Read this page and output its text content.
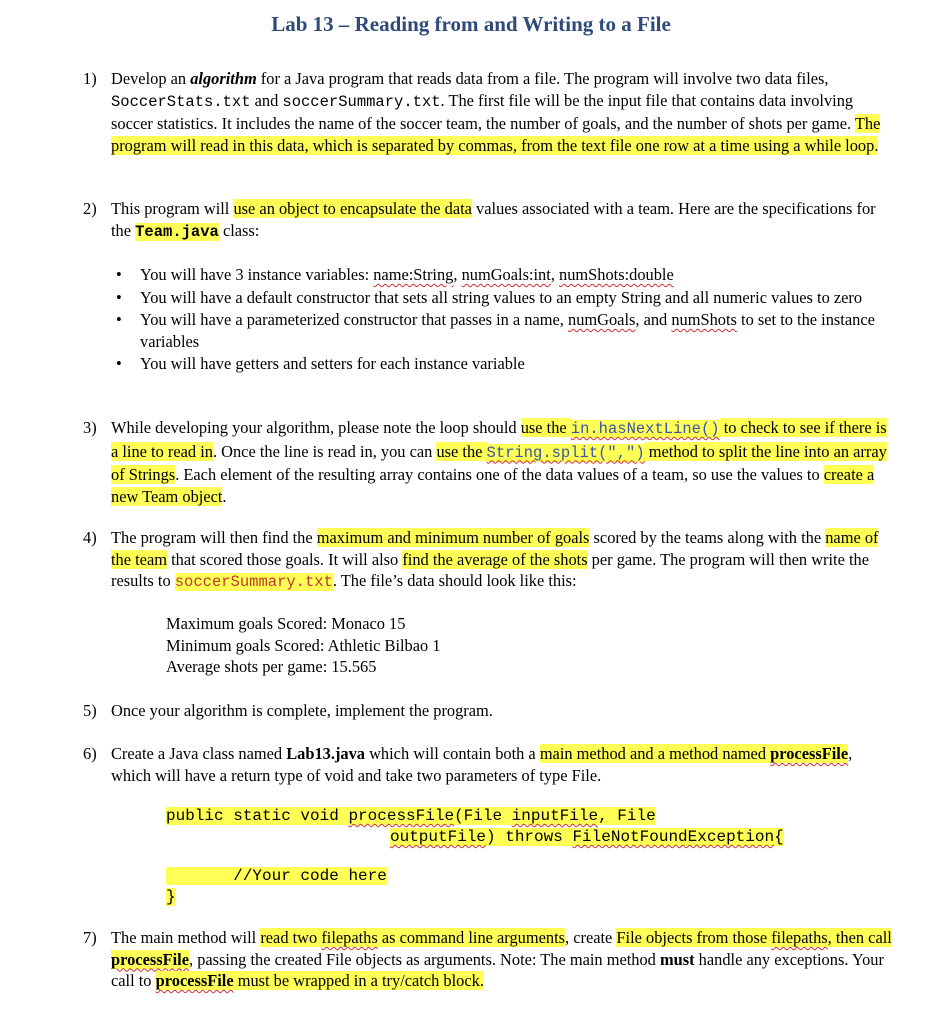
Lab 13 – Reading from and Writing to a File
1) Develop an algorithm for a Java program that reads data from a file. The program will involve two data files, SoccerStats.txt and soccerSummary.txt. The first file will be the input file that contains data involving soccer statistics. It includes the name of the soccer team, the number of goals, and the number of shots per game. The program will read in this data, which is separated by commas, from the text file one row at a time using a while loop.
2) This program will use an object to encapsulate the data values associated with a team. Here are the specifications for the Team.java class:
• You will have 3 instance variables: name:String, numGoals:int, numShots:double
• You will have a default constructor that sets all string values to an empty String and all numeric values to zero
• You will have a parameterized constructor that passes in a name, numGoals, and numShots to set to the instance variables
• You will have getters and setters for each instance variable
3) While developing your algorithm, please note the loop should use the in.hasNextLine() to check to see if there is a line to read in. Once the line is read in, you can use the String.split(",") method to split the line into an array of Strings. Each element of the resulting array contains one of the data values of a team, so use the values to create a new Team object.
4) The program will then find the maximum and minimum number of goals scored by the teams along with the name of the team that scored those goals. It will also find the average of the shots per game. The program will then write the results to soccerSummary.txt. The file’s data should look like this:
Maximum goals Scored: Monaco 15
Minimum goals Scored: Athletic Bilbao 1
Average shots per game: 15.565
5) Once your algorithm is complete, implement the program.
6) Create a Java class named Lab13.java which will contain both a main method and a method named processFile, which will have a return type of void and take two parameters of type File.
public static void processFile(File inputFile, File
outputFile) throws FileNotFoundException{
//Your code here
}
7) The main method will read two filepaths as command line arguments, create File objects from those filepaths, then call processFile, passing the created File objects as arguments. Note: The main method must handle any exceptions. Your call to processFile must be wrapped in a try/catch block.
